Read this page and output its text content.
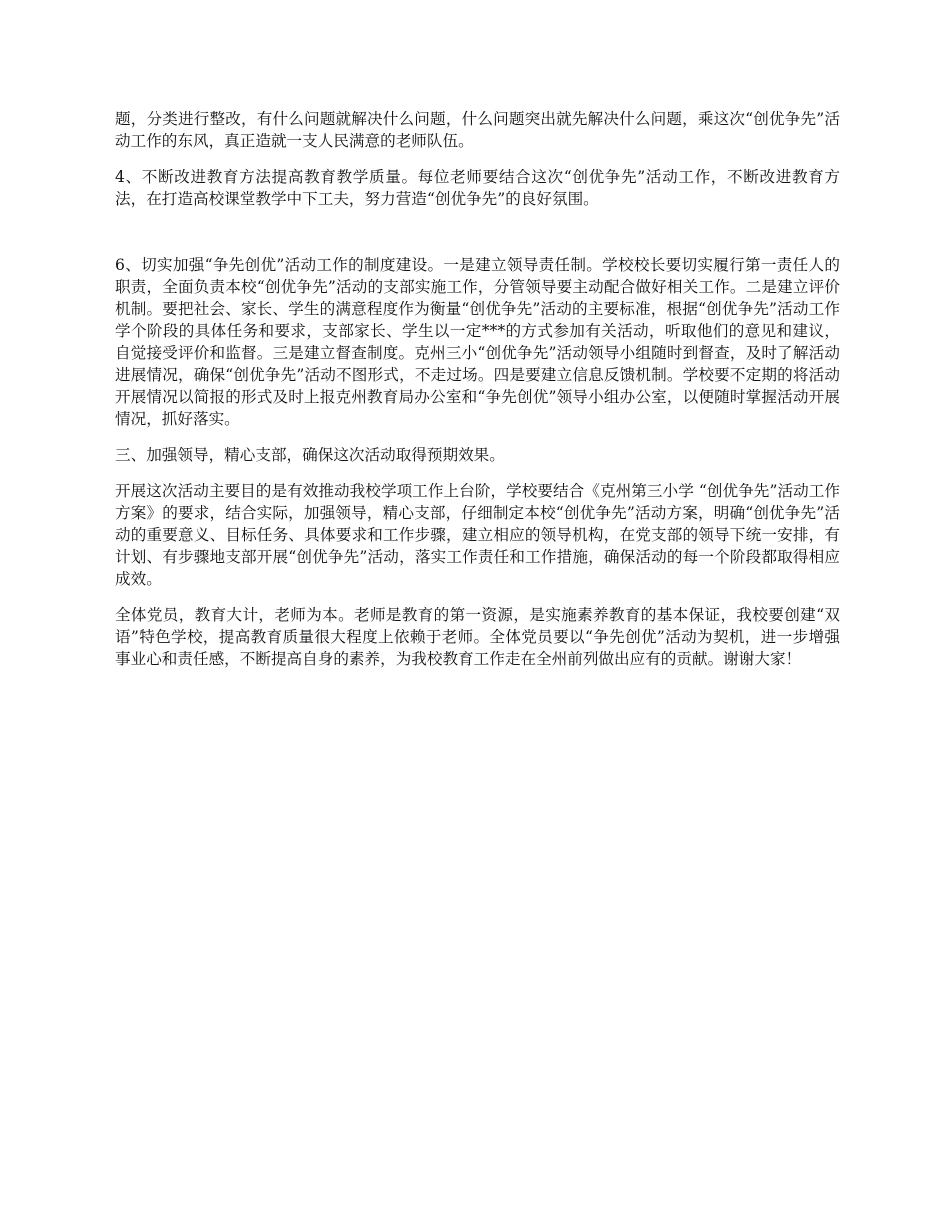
题，分类进行整改，有什么问题就解决什么问题，什么问题突出就先解决什么问题，乘这次“创优争先”活动工作的东风，真正造就一支人民满意的老师队伍。

4、不断改进教育方法提高教育教学质量。每位老师要结合这次“创优争先”活动工作，不断改进教育方法，在打造高校课堂教学中下工夫，努力营造“创优争先”的良好氛围。

6、切实加强“争先创优”活动工作的制度建设。一是建立领导责任制。学校校长要切实履行第一责任人的职责，全面负责本校“创优争先”活动的支部实施工作，分管领导要主动配合做好相关工作。二是建立评价机制。要把社会、家长、学生的满意程度作为衡量“创优争先”活动的主要标准，根据“创优争先”活动工作学个阶段的具体任务和要求，支部家长、学生以一定***的方式参加有关活动，听取他们的意见和建议，自觉接受评价和监督。三是建立督查制度。克州三小“创优争先”活动领导小组随时到督查，及时了解活动进展情况，确保“创优争先”活动不图形式，不走过场。四是要建立信息反馈机制。学校要不定期的将活动开展情况以简报的形式及时上报克州教育局办公室和“争先创优”领导小组办公室，以便随时掌握活动开展情况，抓好落实。

三、加强领导，精心支部，确保这次活动取得预期效果。

开展这次活动主要目的是有效推动我校学项工作上台阶，学校要结合《克州第三小学 “创优争先”活动工作方案》的要求，结合实际，加强领导，精心支部，仔细制定本校“创优争先”活动方案，明确“创优争先”活动的重要意义、目标任务、具体要求和工作步骤，建立相应的领导机构，在党支部的领导下统一安排，有计划、有步骤地支部开展“创优争先”活动，落实工作责任和工作措施，确保活动的每一个阶段都取得相应成效。

全体党员，教育大计，老师为本。老师是教育的第一资源，是实施素养教育的基本保证，我校要创建“双语”特色学校，提高教育质量很大程度上依赖于老师。全体党员要以“争先创优”活动为契机，进一步增强事业心和责任感，不断提高自身的素养，为我校教育工作走在全州前列做出应有的贡献。谢谢大家！
